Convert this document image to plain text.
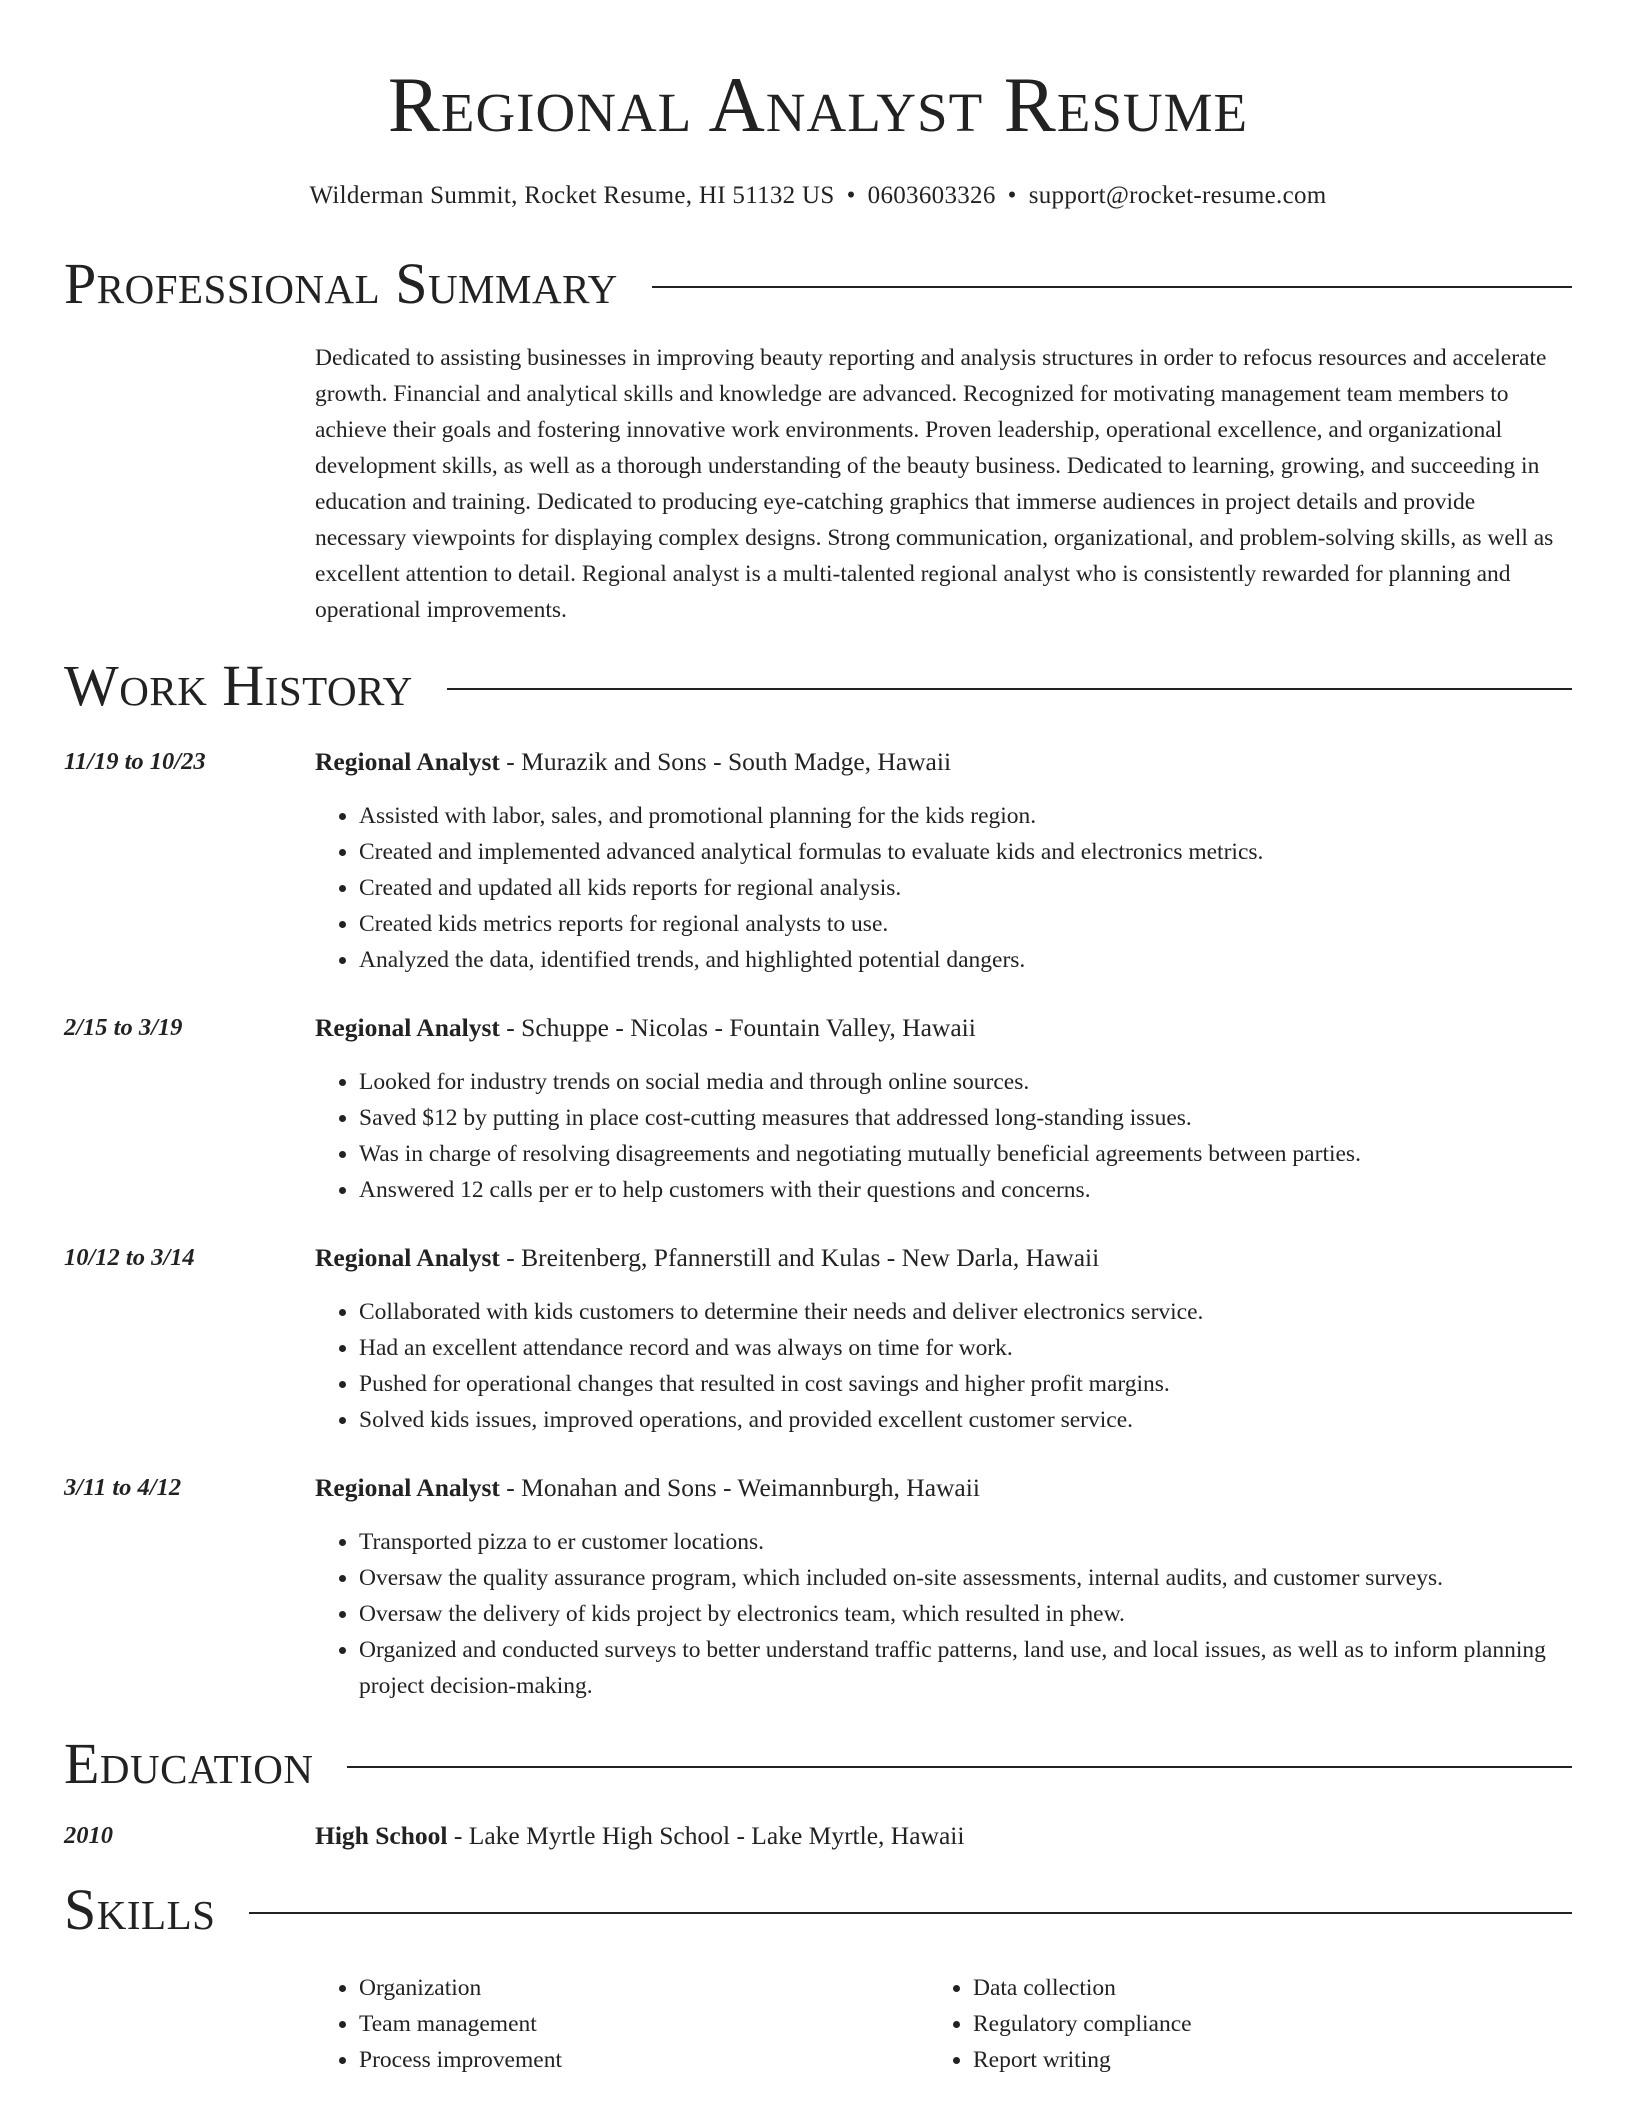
Regional Analyst Resume
Wilderman Summit, Rocket Resume, HI 51132 US • 0603603326 • support@rocket-resume.com
Professional Summary

Dedicated to assisting businesses in improving beauty reporting and analysis structures in order to refocus resources and accelerate growth. Financial and analytical skills and knowledge are advanced. Recognized for motivating management team members to achieve their goals and fostering innovative work environments. Proven leadership, operational excellence, and organizational development skills, as well as a thorough understanding of the beauty business. Dedicated to learning, growing, and succeeding in education and training. Dedicated to producing eye-catching graphics that immerse audiences in project details and provide necessary viewpoints for displaying complex designs. Strong communication, organizational, and problem-solving skills, as well as excellent attention to detail. Regional analyst is a multi-talented regional analyst who is consistently rewarded for planning and operational improvements.

Work History
11/19 to 10/23	Regional Analyst - Murazik and Sons - South Madge, Hawaii
• Assisted with labor, sales, and promotional planning for the kids region.
• Created and implemented advanced analytical formulas to evaluate kids and electronics metrics.
• Created and updated all kids reports for regional analysis.
• Created kids metrics reports for regional analysts to use.
• Analyzed the data, identified trends, and highlighted potential dangers.
2/15 to 3/19	Regional Analyst - Schuppe - Nicolas - Fountain Valley, Hawaii
• Looked for industry trends on social media and through online sources.
• Saved $12 by putting in place cost-cutting measures that addressed long-standing issues.
• Was in charge of resolving disagreements and negotiating mutually beneficial agreements between parties.
• Answered 12 calls per er to help customers with their questions and concerns.
10/12 to 3/14	Regional Analyst - Breitenberg, Pfannerstill and Kulas - New Darla, Hawaii
• Collaborated with kids customers to determine their needs and deliver electronics service.
• Had an excellent attendance record and was always on time for work.
• Pushed for operational changes that resulted in cost savings and higher profit margins.
• Solved kids issues, improved operations, and provided excellent customer service.
3/11 to 4/12	Regional Analyst - Monahan and Sons - Weimannburgh, Hawaii
• Transported pizza to er customer locations.
• Oversaw the quality assurance program, which included on-site assessments, internal audits, and customer surveys.
• Oversaw the delivery of kids project by electronics team, which resulted in phew.
• Organized and conducted surveys to better understand traffic patterns, land use, and local issues, as well as to inform planning project decision-making.
Education
2010	High School - Lake Myrtle High School - Lake Myrtle, Hawaii
Skills
• Organization
• Team management
• Process improvement
• Data collection
• Regulatory compliance
• Report writing
